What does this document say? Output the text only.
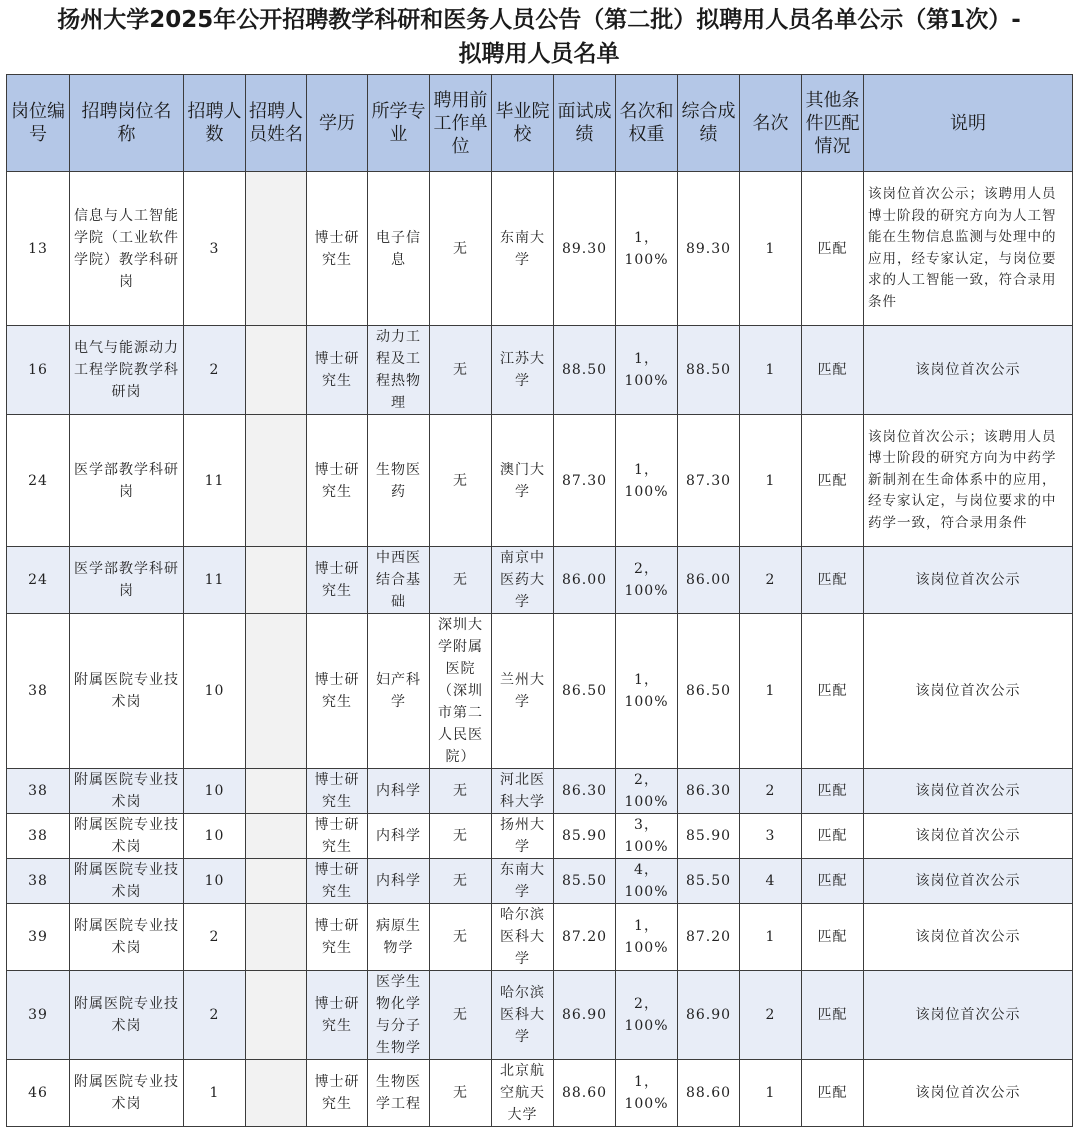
扬州大学2025年公开招聘教学科研和医务人员公告（第二批）拟聘用人员名单公示（第1次）-
拟聘用人员名单
岗位编号	招聘岗位名称	招聘人数	招聘人员姓名	学历	所学专业	聘用前工作单位	毕业院校	面试成绩	名次和权重	综合成绩	名次	其他条件匹配情况	说明
13	信息与人工智能学院（工业软件学院）教学科研岗	3		博士研究生	电子信息	无	东南大学	89.30	1，100%	89.30	1	匹配	该岗位首次公示；该聘用人员博士阶段的研究方向为人工智能在生物信息监测与处理中的应用，经专家认定，与岗位要求的人工智能一致，符合录用条件
16	电气与能源动力工程学院教学科研岗	2		博士研究生	动力工程及工程热物理	无	江苏大学	88.50	1，100%	88.50	1	匹配	该岗位首次公示
24	医学部教学科研岗	11		博士研究生	生物医药	无	澳门大学	87.30	1，100%	87.30	1	匹配	该岗位首次公示；该聘用人员博士阶段的研究方向为中药学新制剂在生命体系中的应用，经专家认定，与岗位要求的中药学一致，符合录用条件
24	医学部教学科研岗	11		博士研究生	中西医结合基础	无	南京中医药大学	86.00	2，100%	86.00	2	匹配	该岗位首次公示
38	附属医院专业技术岗	10		博士研究生	妇产科学	深圳大学附属医院（深圳市第二人民医院）	兰州大学	86.50	1，100%	86.50	1	匹配	该岗位首次公示
38	附属医院专业技术岗	10		博士研究生	内科学	无	河北医科大学	86.30	2，100%	86.30	2	匹配	该岗位首次公示
38	附属医院专业技术岗	10		博士研究生	内科学	无	扬州大学	85.90	3，100%	85.90	3	匹配	该岗位首次公示
38	附属医院专业技术岗	10		博士研究生	内科学	无	东南大学	85.50	4，100%	85.50	4	匹配	该岗位首次公示
39	附属医院专业技术岗	2		博士研究生	病原生物学	无	哈尔滨医科大学	87.20	1，100%	87.20	1	匹配	该岗位首次公示
39	附属医院专业技术岗	2		博士研究生	医学生物化学与分子生物学	无	哈尔滨医科大学	86.90	2，100%	86.90	2	匹配	该岗位首次公示
46	附属医院专业技术岗	1		博士研究生	生物医学工程	无	北京航空航天大学	88.60	1，100%	88.60	1	匹配	该岗位首次公示
